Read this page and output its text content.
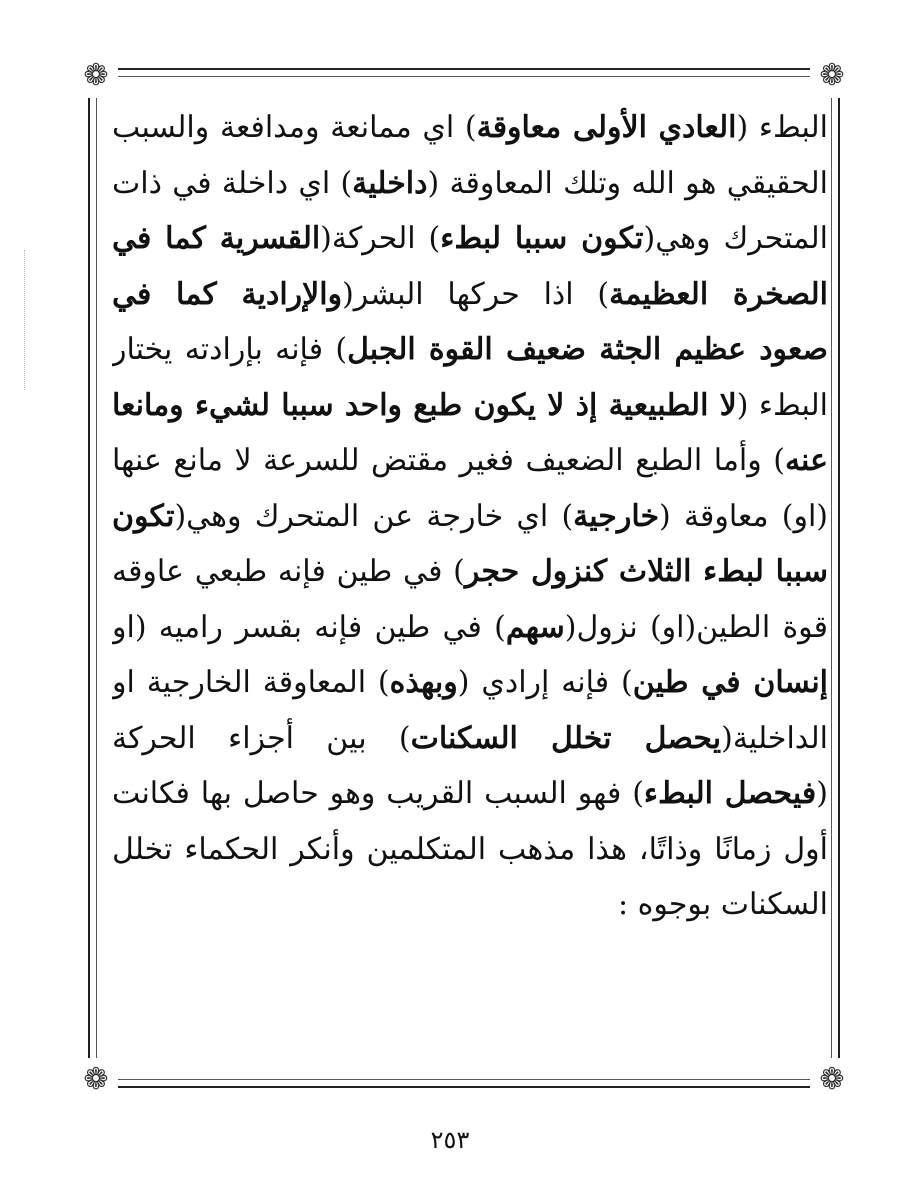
❁	❁
❁	❁
البطء (العادي الأولى معاوقة) اي ممانعة ومدافعة والسبب
الحقيقي هو الله وتلك المعاوقة (داخلية) اي داخلة في ذات
المتحرك وهي(تكون سببا لبطء) الحركة(القسرية كما في
الصخرة العظيمة) اذا حركها البشر(والإرادية كما في
صعود عظيم الجثة ضعيف القوة الجبل) فإنه بإرادته يختار
البطء (لا الطبيعية إذ لا يكون طبع واحد سببا لشيء ومانعا
عنه) وأما الطبع الضعيف فغير مقتض للسرعة لا مانع عنها
(او) معاوقة (خارجية) اي خارجة عن المتحرك وهي(تكون
سببا لبطء الثلاث كنزول حجر) في طين فإنه طبعي عاوقه
قوة الطين(او) نزول(سهم) في طين فإنه بقسر راميه (او
إنسان في طين) فإنه إرادي (وبهذه) المعاوقة الخارجية او
الداخلية(يحصل تخلل السكنات) بين أجزاء الحركة
(فيحصل البطء) فهو السبب القريب وهو حاصل بها فكانت
أول زمانًا وذاتًا، هذا مذهب المتكلمين وأنكر الحكماء تخلل
السكنات بوجوه :
٢٥٣
